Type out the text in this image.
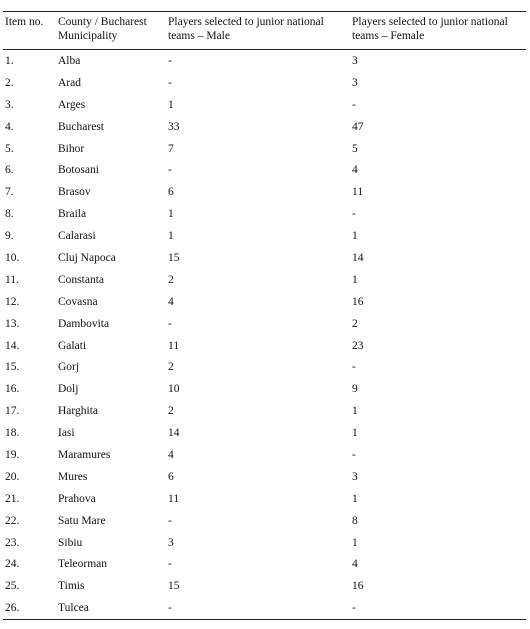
Item no.	County / Bucharest Municipality	Players selected to junior national teams – Male	Players selected to junior national teams – Female
1.	Alba	-	3
2.	Arad	-	3
3.	Arges	1	-
4.	Bucharest	33	47
5.	Bihor	7	5
6.	Botosani	-	4
7.	Brasov	6	11
8.	Braila	1	-
9.	Calarasi	1	1
10.	Cluj Napoca	15	14
11.	Constanta	2	1
12.	Covasna	4	16
13.	Dambovita	-	2
14.	Galati	11	23
15.	Gorj	2	-
16.	Dolj	10	9
17.	Harghita	2	1
18.	Iasi	14	1
19.	Maramures	4	-
20.	Mures	6	3
21.	Prahova	11	1
22.	Satu Mare	-	8
23.	Sibiu	3	1
24.	Teleorman	-	4
25.	Timis	15	16
26.	Tulcea	-	-
